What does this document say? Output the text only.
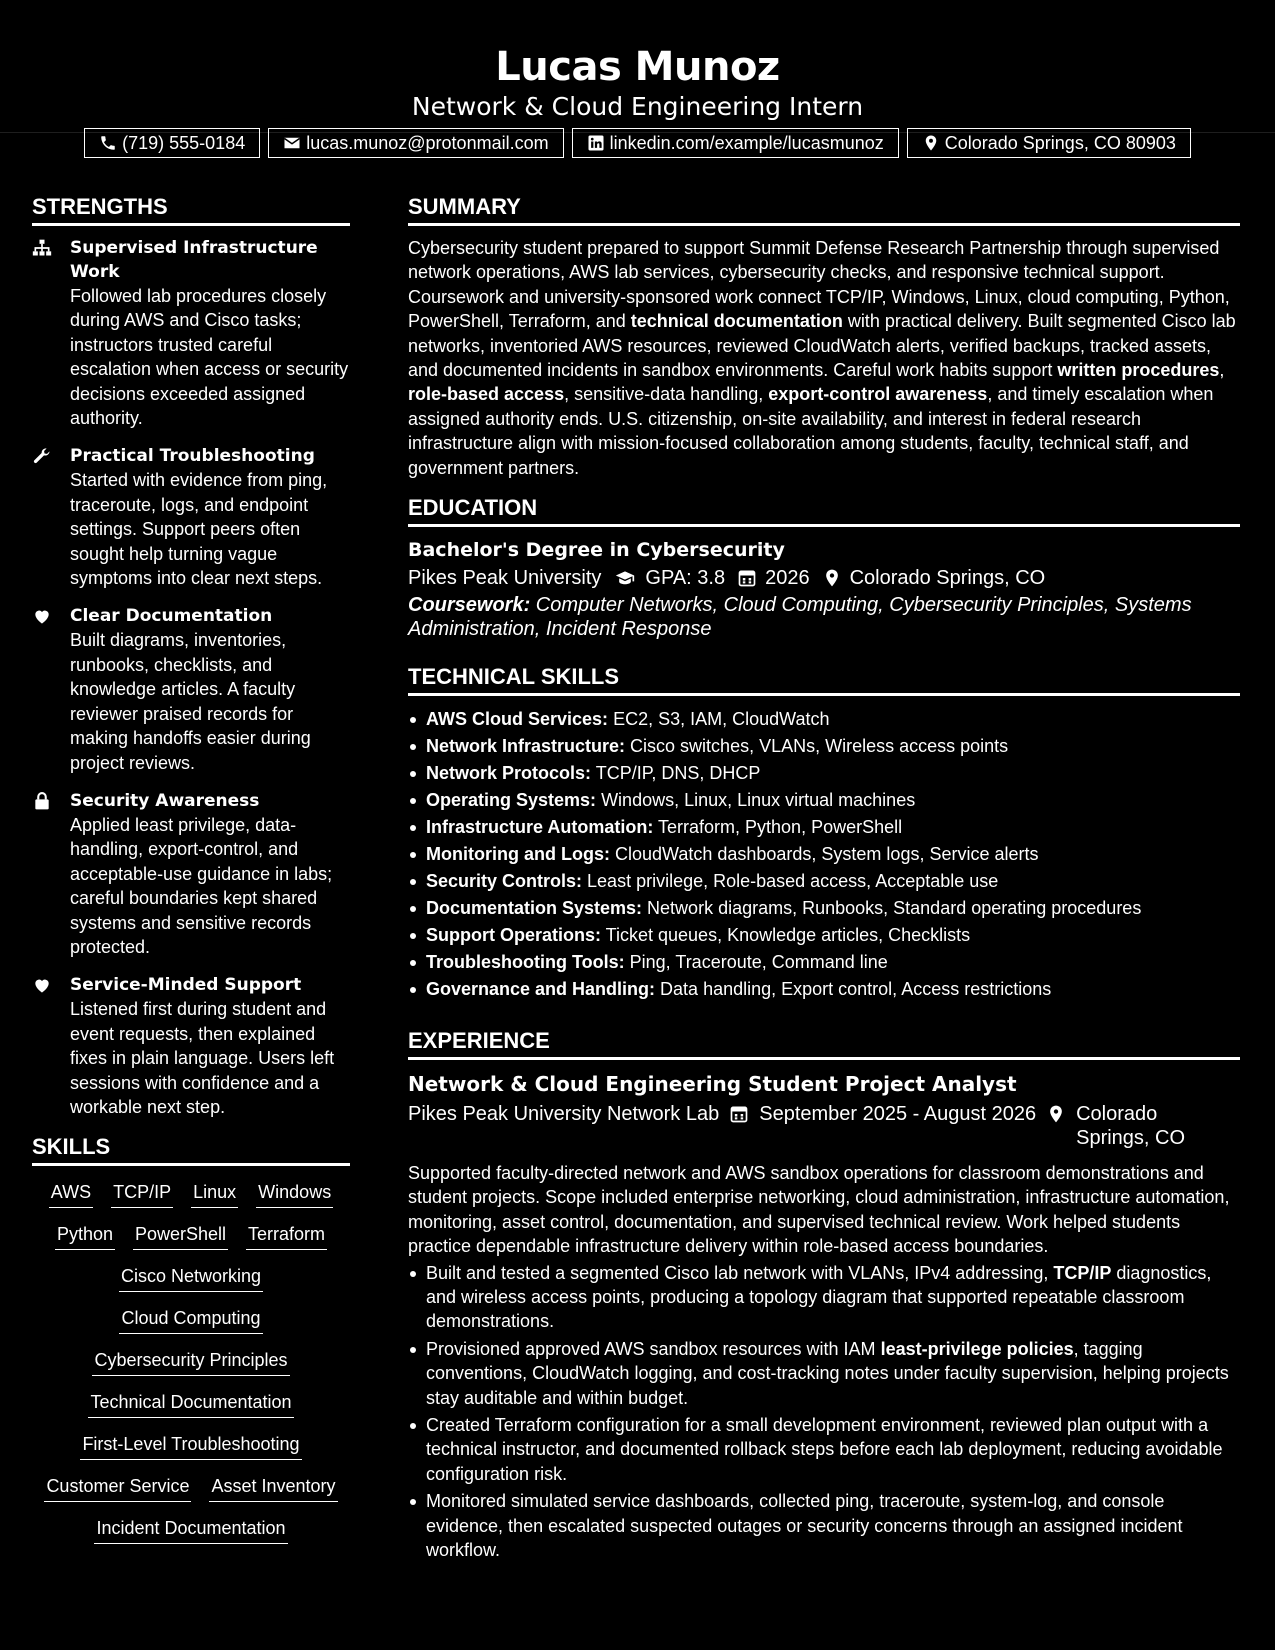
Lucas Munoz
Network & Cloud Engineering Intern
(719) 555-0184	lucas.munoz@protonmail.com	linkedin.com/example/lucasmunoz	Colorado Springs, CO 80903
STRENGTHS
Supervised Infrastructure Work
Followed lab procedures closely during AWS and Cisco tasks; instructors trusted careful escalation when access or security decisions exceeded assigned authority.
Practical Troubleshooting
Started with evidence from ping, traceroute, logs, and endpoint settings. Support peers often sought help turning vague symptoms into clear next steps.
Clear Documentation
Built diagrams, inventories, runbooks, checklists, and knowledge articles. A faculty reviewer praised records for making handoffs easier during project reviews.
Security Awareness
Applied least privilege, data-handling, export-control, and acceptable-use guidance in labs; careful boundaries kept shared systems and sensitive records protected.
Service-Minded Support
Listened first during student and event requests, then explained fixes in plain language. Users left sessions with confidence and a workable next step.
SKILLS
AWS TCP/IP Linux Windows
Python PowerShell Terraform
Cisco Networking
Cloud Computing
Cybersecurity Principles
Technical Documentation
First-Level Troubleshooting
Customer Service Asset Inventory
Incident Documentation
SUMMARY

Cybersecurity student prepared to support Summit Defense Research Partnership through supervised network operations, AWS lab services, cybersecurity checks, and responsive technical support. Coursework and university-sponsored work connect TCP/IP, Windows, Linux, cloud computing, Python, PowerShell, Terraform, and technical documentation with practical delivery. Built segmented Cisco lab networks, inventoried AWS resources, reviewed CloudWatch alerts, verified backups, tracked assets, and documented incidents in sandbox environments. Careful work habits support written procedures, role-based access, sensitive-data handling, export-control awareness, and timely escalation when assigned authority ends. U.S. citizenship, on-site availability, and interest in federal research infrastructure align with mission-focused collaboration among students, faculty, technical staff, and government partners.

EDUCATION
Bachelor's Degree in Cybersecurity
Pikes Peak University GPA: 3.8 2026 Colorado Springs, CO
Coursework: Computer Networks, Cloud Computing, Cybersecurity Principles, Systems Administration, Incident Response
TECHNICAL SKILLS
AWS Cloud Services: EC2, S3, IAM, CloudWatch
Network Infrastructure: Cisco switches, VLANs, Wireless access points
Network Protocols: TCP/IP, DNS, DHCP
Operating Systems: Windows, Linux, Linux virtual machines
Infrastructure Automation: Terraform, Python, PowerShell
Monitoring and Logs: CloudWatch dashboards, System logs, Service alerts
Security Controls: Least privilege, Role-based access, Acceptable use
Documentation Systems: Network diagrams, Runbooks, Standard operating procedures
Support Operations: Ticket queues, Knowledge articles, Checklists
Troubleshooting Tools: Ping, Traceroute, Command line
Governance and Handling: Data handling, Export control, Access restrictions
EXPERIENCE
Network & Cloud Engineering Student Project Analyst
Pikes Peak University Network Lab September 2025 - August 2026 Colorado Springs, CO

Supported faculty-directed network and AWS sandbox operations for classroom demonstrations and student projects. Scope included enterprise networking, cloud administration, infrastructure automation, monitoring, asset control, documentation, and supervised technical review. Work helped students practice dependable infrastructure delivery within role-based access boundaries.

Built and tested a segmented Cisco lab network with VLANs, IPv4 addressing, TCP/IP diagnostics, and wireless access points, producing a topology diagram that supported repeatable classroom demonstrations.
Provisioned approved AWS sandbox resources with IAM least-privilege policies, tagging conventions, CloudWatch logging, and cost-tracking notes under faculty supervision, helping projects stay auditable and within budget.
Created Terraform configuration for a small development environment, reviewed plan output with a technical instructor, and documented rollback steps before each lab deployment, reducing avoidable configuration risk.
Monitored simulated service dashboards, collected ping, traceroute, system-log, and console evidence, then escalated suspected outages or security concerns through an assigned incident workflow.
